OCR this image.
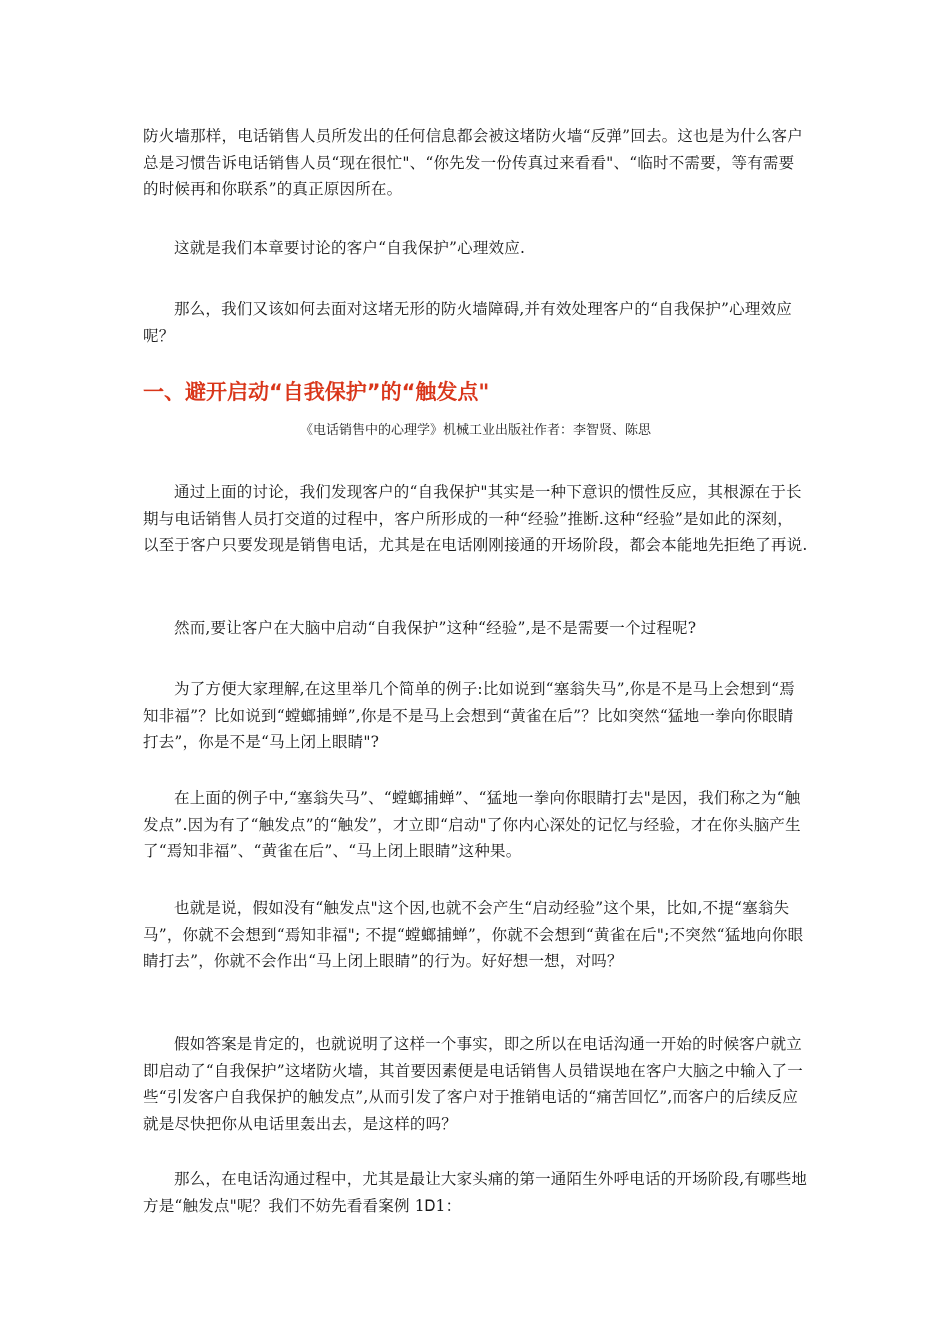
防火墙那样，电话销售人员所发出的任何信息都会被这堵防火墙“反弹”回去。这也是为什么客户总是习惯告诉电话销售人员“现在很忙"、“你先发一份传真过来看看"、“临时不需要，等有需要的时候再和你联系”的真正原因所在。

这就是我们本章要讨论的客户“自我保护”心理效应.

那么，我们又该如何去面对这堵无形的防火墙障碍,并有效处理客户的“自我保护”心理效应呢？

一、避开启动“自我保护”的“触发点"

《电话销售中的心理学》机械工业出版社作者：李智贤、陈思

通过上面的讨论，我们发现客户的“自我保护"其实是一种下意识的惯性反应，其根源在于长期与电话销售人员打交道的过程中，客户所形成的一种“经验”推断.这种“经验”是如此的深刻，以至于客户只要发现是销售电话，尤其是在电话刚刚接通的开场阶段，都会本能地先拒绝了再说.

然而,要让客户在大脑中启动“自我保护”这种“经验”,是不是需要一个过程呢?

为了方便大家理解,在这里举几个简单的例子:比如说到“塞翁失马”,你是不是马上会想到“焉知非福”？比如说到“螳螂捕蝉”,你是不是马上会想到“黄雀在后”？比如突然“猛地一拳向你眼睛打去”，你是不是“马上闭上眼睛"?

在上面的例子中,“塞翁失马”、“螳螂捕蝉”、“猛地一拳向你眼睛打去"是因，我们称之为“触发点”.因为有了“触发点”的“触发”，才立即“启动"了你内心深处的记忆与经验，才在你头脑产生了“焉知非福”、“黄雀在后”、“马上闭上眼睛”这种果。

也就是说，假如没有“触发点"这个因,也就不会产生“启动经验”这个果，比如,不提“塞翁失马”，你就不会想到“焉知非福"; 不提“螳螂捕蝉”，你就不会想到“黄雀在后";不突然“猛地向你眼睛打去”，你就不会作出“马上闭上眼睛”的行为。好好想一想，对吗？

假如答案是肯定的，也就说明了这样一个事实，即之所以在电话沟通一开始的时候客户就立即启动了“自我保护”这堵防火墙，其首要因素便是电话销售人员错误地在客户大脑之中输入了一些“引发客户自我保护的触发点”,从而引发了客户对于推销电话的“痛苦回忆”,而客户的后续反应就是尽快把你从电话里轰出去，是这样的吗？

那么，在电话沟通过程中，尤其是最让大家头痛的第一通陌生外呼电话的开场阶段,有哪些地方是“触发点"呢？我们不妨先看看案例 1Ꭰ1：
